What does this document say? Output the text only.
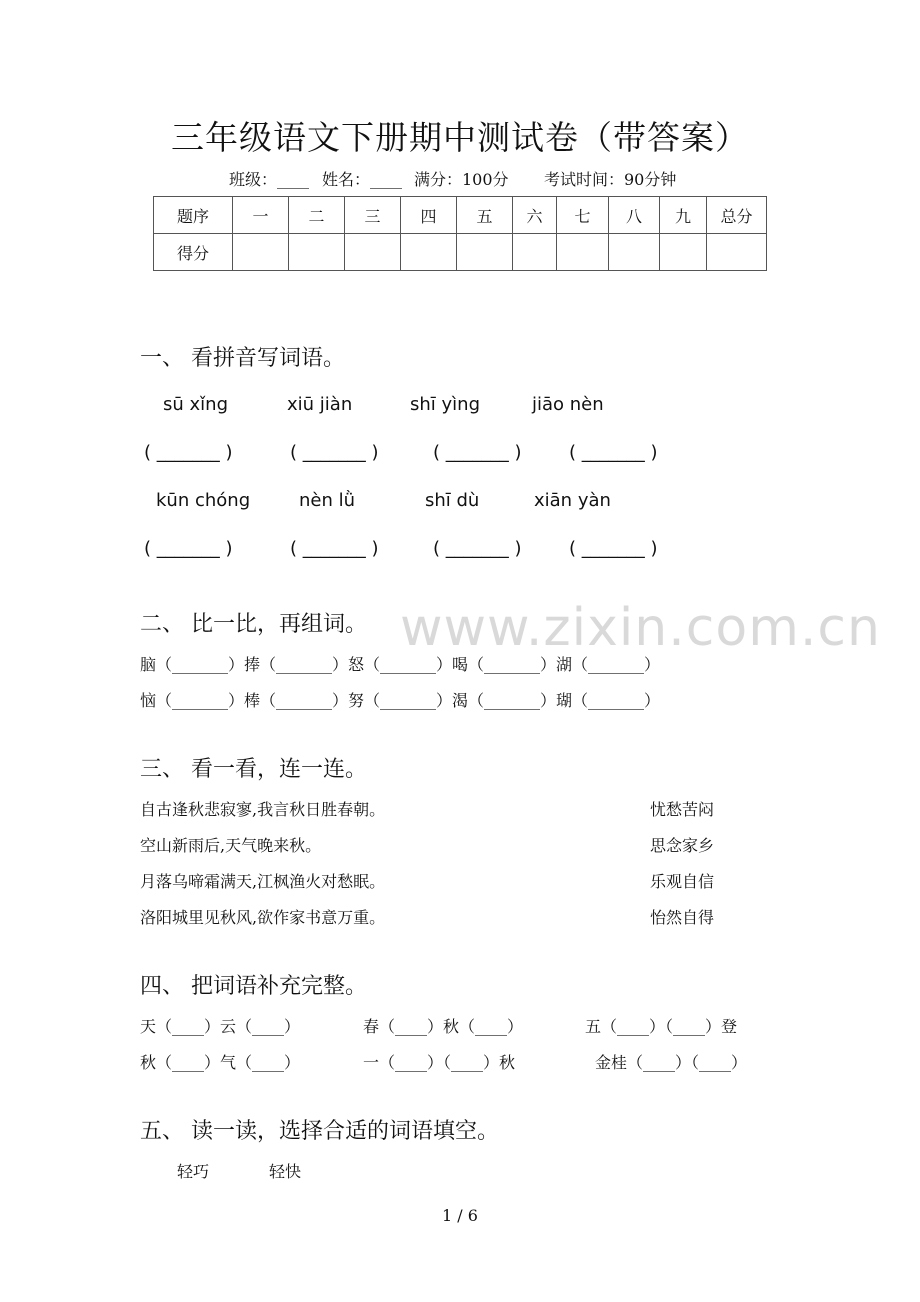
三年级语文下册期中测试卷（带答案）
班级：____ 姓名：____ 满分：100分 考试时间：90分钟
题序	一	二	三	四	五	六	七	八	九	总分
得分										
一、 看拼音写词语。
sū xǐng	xiū jiàn	shī yìng	jiāo nèn
( _______ )	( _______ )	( _______ )	( _______ )
kūn chóng	nèn lǜ	shī dù	xiān yàn
( _______ )	( _______ )	( _______ )	( _______ )
www.zixin.com.cn
二、 比一比，再组词。
脑（_______）捧（_______）怒（_______）喝（_______）湖（_______）
恼（_______）棒（_______）努（_______）渴（_______）瑚（_______）
三、 看一看，连一连。
自古逢秋悲寂寥,我言秋日胜春朝。
空山新雨后,天气晚来秋。
月落乌啼霜满天,江枫渔火对愁眠。
洛阳城里见秋风,欲作家书意万重。
忧愁苦闷
思念家乡
乐观自信
怡然自得
四、 把词语补充完整。
天（____）云（____）	春（____）秋（____）	五（____）（____）登
秋（____）气（____）	一（____）（____）秋	金桂（____）（____）
五、 读一读，选择合适的词语填空。
轻巧	轻快
1 / 6
